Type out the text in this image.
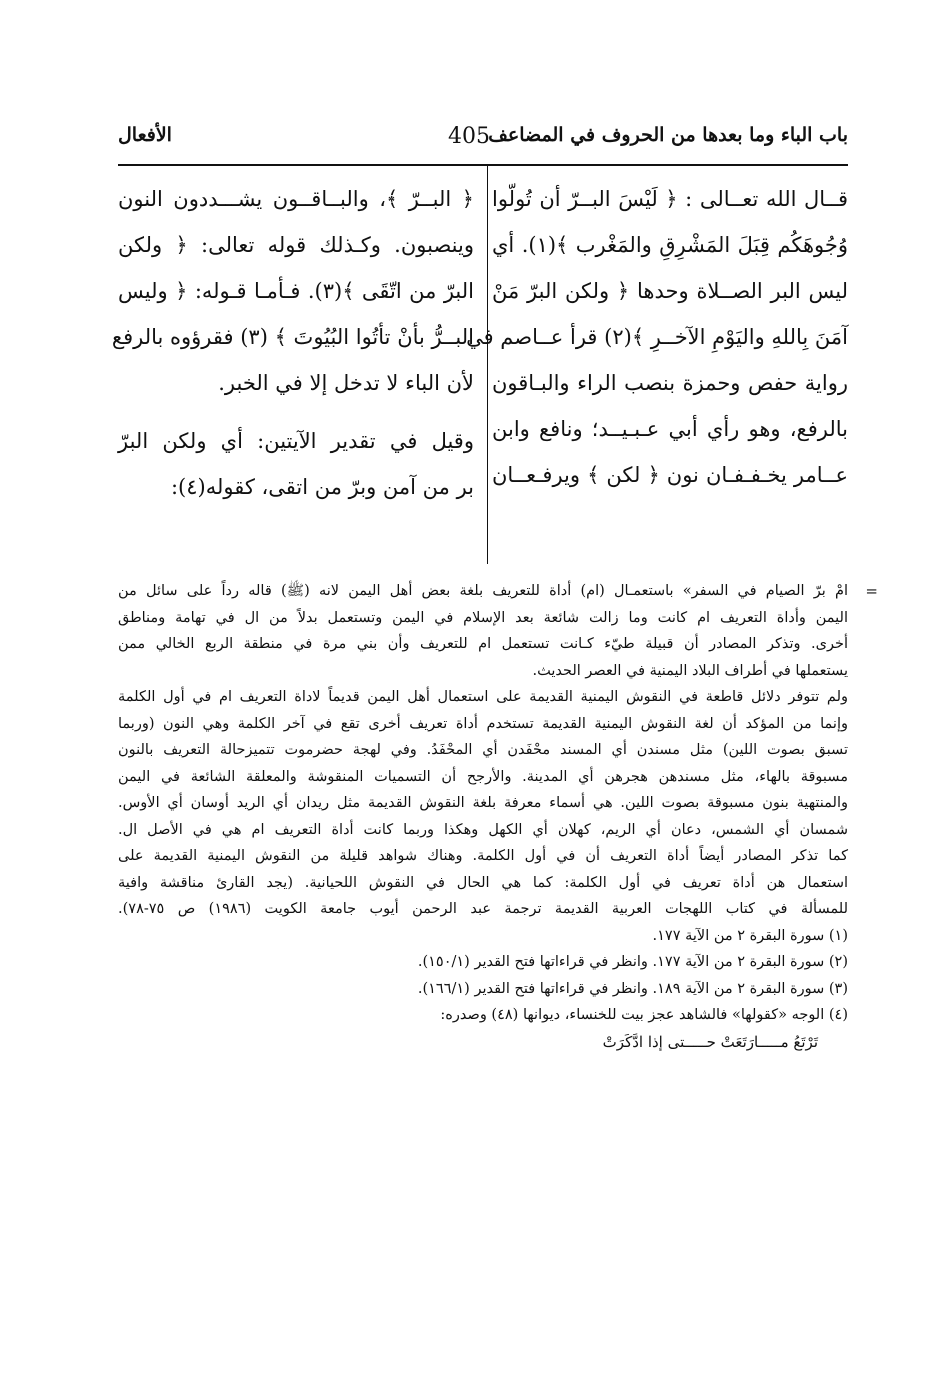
باب الباء وما بعدها من الحروف في المضاعف
405
الأفعال
قــال الله تعــالى : ﴿ لَيْسَ البــرّ أن تُولّوا
وُجُوهَكُم قِبَلَ المَشْرِقِ والمَغْرب ﴾(١). أي
ليس البر الصــلاة وحدها ﴿ ولكن البرّ مَنْ
آمَنَ بِاللهِ واليَوْمِ الآخــرِ ﴾(٢) قرأ عــاصم في
رواية حفص وحمزة بنصب الراء والبـاقون
بالرفع، وهو رأي أبي عـبـيــد؛ ونافع وابن
عــامر يخـفـفـان نون ﴿ لكن ﴾ ويرفـعــان
﴿ البــرّ ﴾، والبــاقــون يشـــددون النون
وينصبون. وكـذلك قوله تعالى: ﴿ ولكن
البرّ من اتّقَى ﴾(٣). فـأمـا قـوله: ﴿ وليس
البــرُّ بأنْ تأتُوا البُيُوتَ ﴾ (٣) فقرؤوه بالرفع
لأن الباء لا تدخل إلا في الخبر.
وقيل في تقدير الآيتين: أي ولكن البرّ
بر من آمن وبرّ من اتقى، كقوله(٤):
=
امْ برّ الصيام في السفر» باستعمـال (ام) أداة للتعريف بلغة بعض أهل اليمن لانه (ﷺ) قاله رداً على سائل من
اليمن وأداة التعريف ام كانت وما زالت شائعة بعد الإسلام في اليمن وتستعمل بدلاً من ال في تهامة ومناطق
أخرى. وتذكر المصادر أن قبيلة طيّء كـانت تستعمل ام للتعريف وأن بني مرة في منطقة الربع الخالي ممن
يستعملها في أطراف البلاد اليمنية في العصر الحديث.
ولم تتوفر دلائل قاطعة في النقوش اليمنية القديمة على استعمال أهل اليمن قديماً لاداة التعريف ام في أول الكلمة
وإنما من المؤكد أن لغة النقوش اليمنية القديمة تستخدم أداة تعريف أخرى تقع في آخر الكلمة وهي النون (وربما
تسبق بصوت اللين) مثل مسندن أي المسند محْفَدن أي المحْفَدُ. وفي لهجة حضرموت تتميزحالة التعريف بالنون
مسبوقة بالهاء، مثل مسندهن هجرهن أي المدينة. والأرجح أن التسميات المنقوشة والمعلقة الشائعة في اليمن
والمنتهية بنون مسبوقة بصوت اللين. هي أسماء معرفة بلغة النقوش القديمة مثل ريدان أي الريد أوسان أي الأوس.
شمسان أي الشمس، دعان أي الريم، كهلان أي الكهل وهكذا وربما كانت أداة التعريف ام هي في الأصل ال.
كما تذكر المصادر أيضاً أداة التعريف أن في أول الكلمة. وهناك شواهد قليلة من النقوش اليمنية القديمة على
استعمال هن أداة تعريف في أول الكلمة: كما هي الحال في النقوش اللحيانية. (يجد القارئ مناقشة وافية
للمسألة في كتاب اللهجات العربية القديمة ترجمة عبد الرحمن أيوب جامعة الكويت (١٩٨٦) ص ٧٥-٧٨).
(١) سورة البقرة ٢ من الآية ١٧٧.
(٢) سورة البقرة ٢ من الآية ١٧٧. وانظر في قراءاتها فتح القدير (١٥٠/١).
(٣) سورة البقرة ٢ من الآية ١٨٩. وانظر في قراءاتها فتح القدير (١٦٦/١).
(٤) الوجه «كقولها» فالشاهد عجز بيت للخنساء، ديوانها (٤٨) وصدره:
تَرْتَعُ مـــــارَتَعَتْ حـــــتى إذا ادَّكَرَتْ
